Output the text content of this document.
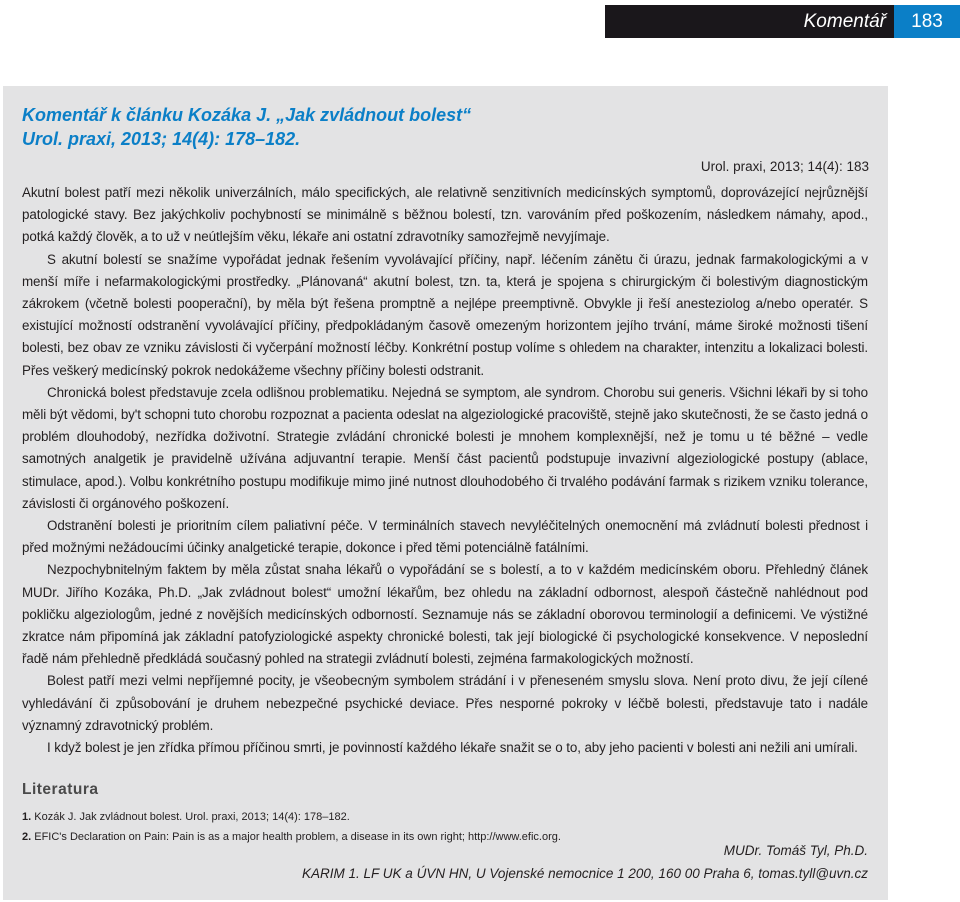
Komentář	183
Komentář k článku Kozáka J. „Jak zvládnout bolest“
Urol. praxi, 2013; 14(4): 178–182.
Urol. praxi, 2013; 14(4): 183

Akutní bolest patří mezi několik univerzálních, málo specifických, ale relativně senzitivních medicínských symptomů, doprovázející nejrůznější patologické stavy. Bez jakýchkoliv pochybností se minimálně s běžnou bolestí, tzn. varováním před poškozením, následkem námahy, apod., potká každý člověk, a to už v neútlejším věku, lékaře ani ostatní zdravotníky samozřejmě nevyjímaje.

S akutní bolestí se snažíme vypořádat jednak řešením vyvolávající příčiny, např. léčením zánětu či úrazu, jednak farmakologickými a v menší míře i nefarmakologickými prostředky. „Plánovaná“ akutní bolest, tzn. ta, která je spojena s chirurgickým či bolestivým diagnostickým zákrokem (včetně bolesti pooperační), by měla být řešena promptně a nejlépe preemptivně. Obvykle ji řeší anesteziolog a/nebo operatér. S existující možností odstranění vyvolávající příčiny, předpokládaným časově omezeným horizontem jejího trvání, máme široké možnosti tišení bolesti, bez obav ze vzniku závislosti či vyčerpání možností léčby. Konkrétní postup volíme s ohledem na charakter, intenzitu a lokalizaci bolesti. Přes veškerý medicínský pokrok nedokážeme všechny příčiny bolesti odstranit.

Chronická bolest představuje zcela odlišnou problematiku. Nejedná se symptom, ale syndrom. Chorobu sui generis. Všichni lékaři by si toho měli být vědomi, by't schopni tuto chorobu rozpoznat a pacienta odeslat na algeziologické pracoviště, stejně jako skutečnosti, že se často jedná o problém dlouhodobý, nezřídka doživotní. Strategie zvládání chronické bolesti je mnohem komplexnější, než je tomu u té běžné – vedle samotných analgetik je pravidelně užívána adjuvantní terapie. Menší část pacientů podstupuje invazivní algeziologické postupy (ablace, stimulace, apod.). Volbu konkrétního postupu modifikuje mimo jiné nutnost dlouhodobého či trvalého podávání farmak s rizikem vzniku tolerance, závislosti či orgánového poškození.

Odstranění bolesti je prioritním cílem paliativní péče. V terminálních stavech nevyléčitelných onemocnění má zvládnutí bolesti přednost i před možnými nežádoucími účinky analgetické terapie, dokonce i před těmi potenciálně fatálními.

Nezpochybnitelným faktem by měla zůstat snaha lékařů o vypořádání se s bolestí, a to v každém medicínském oboru. Přehledný článek MUDr. Jiřího Kozáka, Ph.D. „Jak zvládnout bolest“ umožní lékařům, bez ohledu na základní odbornost, alespoň částečně nahlédnout pod pokličku algeziologům, jedné z novějších medicínských odborností. Seznamuje nás se základní oborovou terminologií a definicemi. Ve výstižné zkratce nám připomíná jak základní patofyziologické aspekty chronické bolesti, tak její biologické či psychologické konsekvence. V neposlední řadě nám přehledně předkládá současný pohled na strategii zvládnutí bolesti, zejména farmakologických možností.

Bolest patří mezi velmi nepříjemné pocity, je všeobecným symbolem strádání i v přeneseném smyslu slova. Není proto divu, že její cílené vyhledávání či způsobování je druhem nebezpečné psychické deviace. Přes nesporné pokroky v léčbě bolesti, představuje tato i nadále významný zdravotnický problém.

I když bolest je jen zřídka přímou příčinou smrti, je povinností každého lékaře snažit se o to, aby jeho pacienti v bolesti ani nežili ani umírali.

Literatura
1. Kozák J. Jak zvládnout bolest. Urol. praxi, 2013; 14(4): 178–182.
2. EFIC's Declaration on Pain: Pain is as a major health problem, a disease in its own right; http://www.efic.org.
MUDr. Tomáš Tyl, Ph.D.
KARIM 1. LF UK a ÚVN HN, U Vojenské nemocnice 1 200, 160 00 Praha 6, tomas.tyll@uvn.cz
